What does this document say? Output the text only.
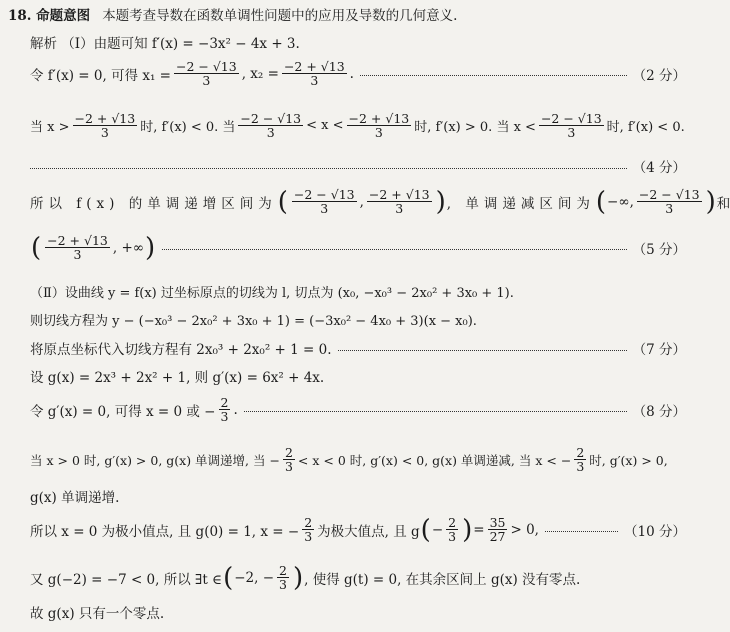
18. 命题意图 本题考查导数在函数单调性问题中的应用及导数的几何意义.
解析 （Ⅰ）由题可知 f′(x) = −3x² − 4x + 3.
令 f′(x) = 0, 可得 $x_1 = \frac{-2 - √13}{3}$ , $x_2 = \frac{-2 + √13}{3}$ .	（2 分）
当 $x > \frac{-2 + √13}{3}$ 时, f′(x) < 0. 当 $\frac{-2 - √13}{3} < x < \frac{-2 + √13}{3}$ 时, f′(x) > 0. 当 $x < \frac{-2 - √13}{3}$ 时, f′(x) < 0.
（4 分）
所以 f(x) 的单调递增区间为 ( $\frac{-2 - √13}{3}$ , $\frac{-2 + √13}{3}$ ) , 单调递减区间为 ( −∞, $\frac{-2 - √13}{3}$ ) 和
( $\frac{-2 + √13}{3}$ , +∞ )	（5 分）
（Ⅱ）设曲线 y = f(x) 过坐标原点的切线为 l, 切点为 (x₀, −x₀³ − 2x₀² + 3x₀ + 1).
则切线方程为 y − (−x₀³ − 2x₀² + 3x₀ + 1) = (−3x₀² − 4x₀ + 3)(x − x₀).
将原点坐标代入切线方程有 2x₀³ + 2x₀² + 1 = 0.	（7 分）
设 g(x) = 2x³ + 2x² + 1, 则 g′(x) = 6x² + 4x.
令 g′(x) = 0, 可得 x = 0 或 − $\frac{2}{3}$ .	（8 分）
当 x > 0 时, g′(x) > 0, g(x) 单调递增, 当 − $\frac{2}{3} < x < 0$ 时, g′(x) < 0, g(x) 单调递减, 当 x < − $\frac{2}{3}$ 时, g′(x) > 0,
g(x) 单调递增.
所以 x = 0 为极小值点, 且 g(0) = 1, x = − $\frac{2}{3}$ 为极大值点, 且 g ( − $\frac{2}{3}$ ) = $\frac{35}{27} > 0$,	（10 分）
又 g(−2) = −7 < 0, 所以 ∃t ∈ ( −2, − $\frac{2}{3}$ ) , 使得 g(t) = 0, 在其余区间上 g(x) 没有零点.
故 g(x) 只有一个零点.
